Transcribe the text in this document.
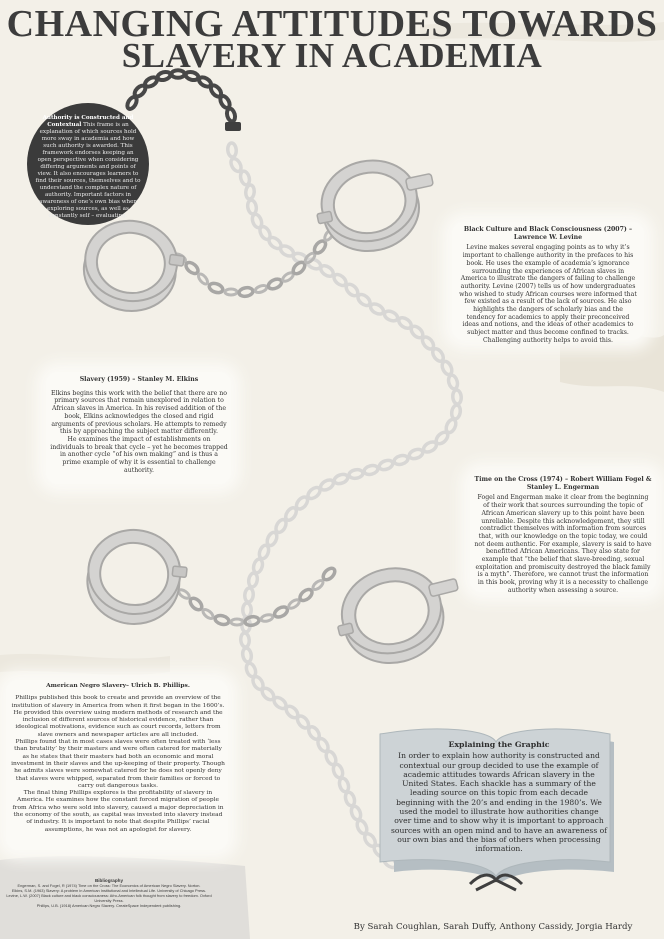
CHANGING ATTITUDES TOWARDS
SLAVERY IN ACADEMIA
Authority is Constructed and Contextual This frame is an explanation of which sources hold more sway in academia and how such authority is awarded. This framework endorses keeping an open perspective when considering differing arguments and points of view. It also encourages learners to find their sources, themselves and to understand the complex nature of authority. Important factors in awareness of one’s own bias when exploring sources, as well as constantly self – evaluating.
Black Culture and Black Consciousness (2007) – Lawrence W. Levine

Levine makes several engaging points as to why it’s important to challenge authority in the prefaces to his book. He uses the example of academia’s ignorance surrounding the experiences of African slaves in America to illustrate the dangers of failing to challenge authority. Levine (2007) tells us of how undergraduates who wished to study African courses were informed that few existed as a result of the lack of sources. He also highlights the dangers of scholarly bias and the tendency for academics to apply their preconceived ideas and notions, and the ideas of other academics to subject matter and thus become confined to tracks. Challenging authority helps to avoid this.

Slavery (1959) – Stanley M. Elkins

Elkins begins this work with the belief that there are no primary sources that remain unexplored in relation to African slaves in America. In his revised addition of the book, Elkins acknowledges the closed and rigid arguments of previous scholars. He attempts to remedy this by approaching the subject matter differently.

He examines the impact of establishments on individuals to break that cycle – yet he becomes trapped in another cycle “of his own making” and is thus a prime example of why it is essential to challenge authority.

Time on the Cross (1974) – Robert William Fogel & Stanley L. Engerman

Fogel and Engerman make it clear from the beginning of their work that sources surrounding the topic of African American slavery up to this point have been unreliable. Despite this acknowledgement, they still contradict themselves with information from sources that, with our knowledge on the topic today, we could not deem authentic. For example, slavery is said to have benefitted African Americans. They also state for example that “the belief that slave-breeding, sexual exploitation and promiscuity destroyed the black family is a myth”. Therefore, we cannot trust the information in this book, proving why it is a necessity to challenge authority when assessing a source.

American Negro Slavery– Ulrich B. Phillips.

Phillips published this book to create and provide an overview of the institution of slavery in America from when it first began in the 1600’s. He provided this overview using modern methods of research and the inclusion of different sources of historical evidence, rather than ideological motivations, evidence such as court records, letters from slave owners and newspaper articles are all included.

Phillips found that in most cases slaves were often treated with ‘less than brutality’ by their masters and were often catered for materially as he states that their masters had both an economic and moral investment in their slaves and the up-keeping of their property. Though he admits slaves were somewhat catered for he does not openly deny that slaves were whipped, separated from their families or forced to carry out dangerous tasks.

The final thing Phillips explores is the profitability of slavery in America. He examines how the constant forced migration of people from Africa who were sold into slavery, caused a major depreciation in the economy of the south, as capital was invested into slavery instead of industry. It is important to note that despite Phillips’ racial assumptions, he was not an apologist for slavery.

Explaining the Graphic
In order to explain how authority is constructed and contextual our group decided to use the example of academic attitudes towards African slavery in the United States. Each shackle has a summary of the leading source on this topic from each decade beginning with the 20’s and ending in the 1980’s. We used the model to illustrate how authorities change over time and to show why it is important to approach sources with an open mind and to have an awareness of our own bias and the bias of others when processing information.
Bibliography
Engerman, S. and Fogel, R (1974) Time on the Cross: The Economics of American Negro Slavery. Norton.
Elkins, S.M. (1963) Slavery: A problem in American Institutional and Intellectual Life. University of Chicago Press.
Levine, L.W. (2007) Black culture and black consciousness: Afro-American folk thought from slavery to freedom. Oxford University Press.
Phillips, U.B. (1918) American Negro Slavery. CreateSpace Independent publishing.
By Sarah Coughlan, Sarah Duffy, Anthony Cassidy, Jorgia Hardy
